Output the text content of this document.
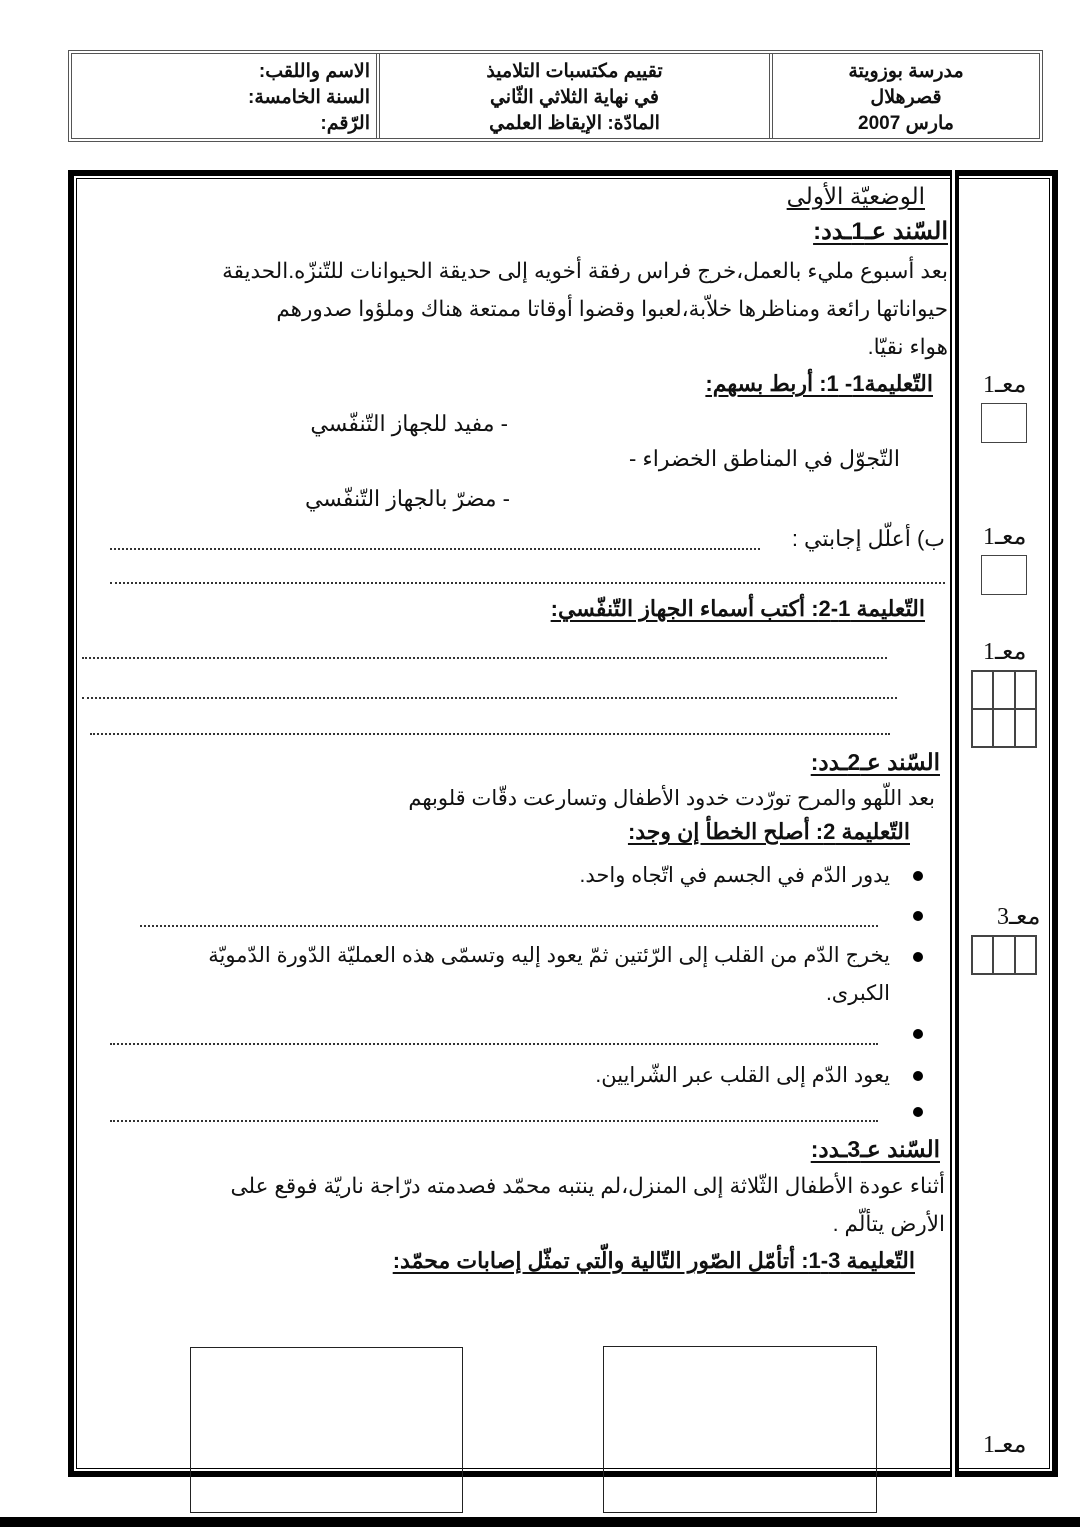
مدرسة بوزويتة
قصرهلال
مارس 2007
تقييم مكتسبات التلاميذ
في نهاية الثلاثي الثّاني
المادّة: الإيقاظ العلمي
الاسم واللقب:
السنة الخامسة:
الرّقم:
الوضعيّة الأولى
السّند عـ1ـدد:
بعد أسبوع مليء بالعمل،خرج فراس رفقة أخويه إلى حديقة الحيوانات للتّنزّه.الحديقة
حيواناتها رائعة ومناظرها خلاّبة،لعبوا وقضوا أوقاتا ممتعة هناك وملؤوا صدورهم
هواء نقيّا.
التّعليمة1- 1: أربط بسهم:
- مفيد للجهاز التّنفّسي
التّجوّل في المناطق الخضراء -
- مضرّ بالجهاز التّنفّسي
ب) أعلّل إجابتي :
التّعليمة 1-2: أكتب أسماء الجهاز التّنفّسي:
السّند عـ2ـدد:
بعد اللّهو والمرح تورّدت خدود الأطفال وتسارعت دقّات قلوبهم
التّعليمة 2: أصلح الخطأ إن وجد:
يدور الدّم في الجسم في اتّجاه واحد.
يخرج الدّم من القلب إلى الرّئتين ثمّ يعود إليه وتسمّى هذه العمليّة الدّورة الدّمويّة
الكبرى.
يعود الدّم إلى القلب عبر الشّرايين.
السّند عـ3ـدد:
أثناء عودة الأطفال الثّلاثة إلى المنزل،لم ينتبه محمّد فصدمته درّاجة ناريّة فوقع على
الأرض يتألّم .
التّعليمة 3-1: أتأمّل الصّور التّالية والّتي تمثّل إصابات محمّد:
معـ1
معـ1
معـ1
معـ3
معـ1
